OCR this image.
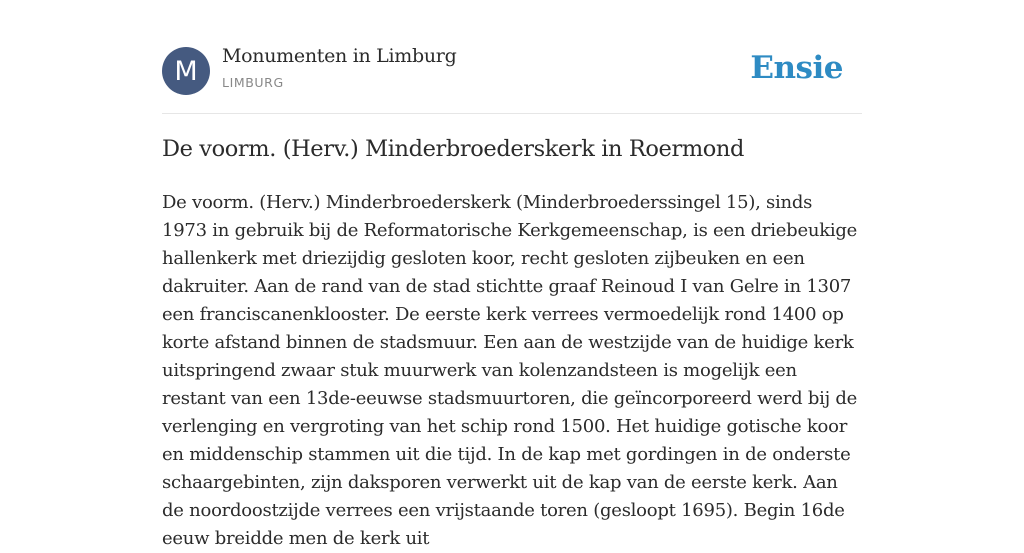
M	Monumenten in Limburg
LIMBURG	Ensie
De voorm. (Herv.) Minderbroederskerk in Roermond

De voorm. (Herv.) Minderbroederskerk (Minderbroederssingel 15), sinds 1973 in gebruik bij de Reformatorische Kerkgemeenschap, is een driebeukige hallenkerk met driezijdig gesloten koor, recht gesloten zijbeuken en een dakruiter. Aan de rand van de stad stichtte graaf Reinoud I van Gelre in 1307 een franciscanenklooster. De eerste kerk verrees vermoedelijk rond 1400 op korte afstand binnen de stadsmuur. Een aan de westzijde van de huidige kerk uitspringend zwaar stuk muurwerk van kolenzandsteen is mogelijk een restant van een 13de-eeuwse stadsmuurtoren, die geïncorporeerd werd bij de verlenging en vergroting van het schip rond 1500. Het huidige gotische koor en middenschip stammen uit die tijd. In de kap met gordingen in de onderste schaargebinten, zijn daksporen verwerkt uit de kap van de eerste kerk. Aan de noordoostzijde verrees een vrijstaande toren (gesloopt 1695). Begin 16de eeuw breidde men de kerk uit
